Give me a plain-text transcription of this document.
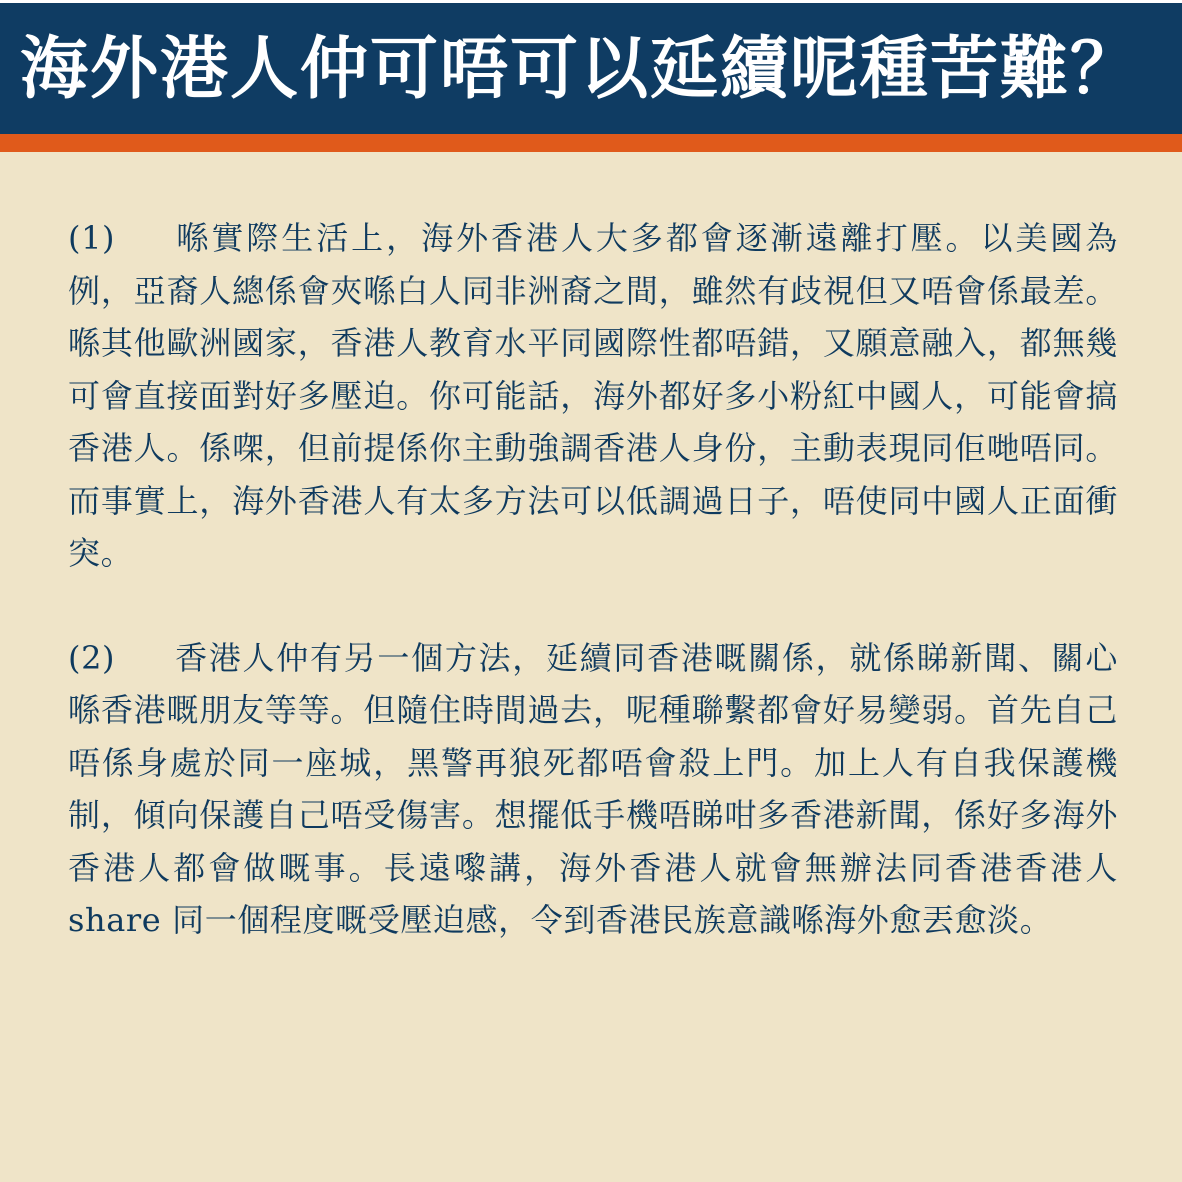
海外港人仲可唔可以延續呢種苦難？

(1) 喺實際生活上，海外香港人大多都會逐漸遠離打壓。以美國為例，亞裔人總係會夾喺白人同非洲裔之間，雖然有歧視但又唔會係最差。喺其他歐洲國家，香港人教育水平同國際性都唔錯，又願意融入，都無幾可會直接面對好多壓迫。你可能話，海外都好多小粉紅中國人，可能會搞香港人。係㗎，但前提係你主動強調香港人身份，主動表現同佢哋唔同。而事實上，海外香港人有太多方法可以低調過日子，唔使同中國人正面衝突。

(2) 香港人仲有另一個方法，延續同香港嘅關係，就係睇新聞、關心喺香港嘅朋友等等。但隨住時間過去，呢種聯繫都會好易變弱。首先自己唔係身處於同一座城，黑警再狼死都唔會殺上門。加上人有自我保護機制，傾向保護自己唔受傷害。想擺低手機唔睇咁多香港新聞，係好多海外香港人都會做嘅事。長遠嚟講，海外香港人就會無辦法同香港香港人 share 同一個程度嘅受壓迫感，令到香港民族意識喺海外愈丟愈淡。
